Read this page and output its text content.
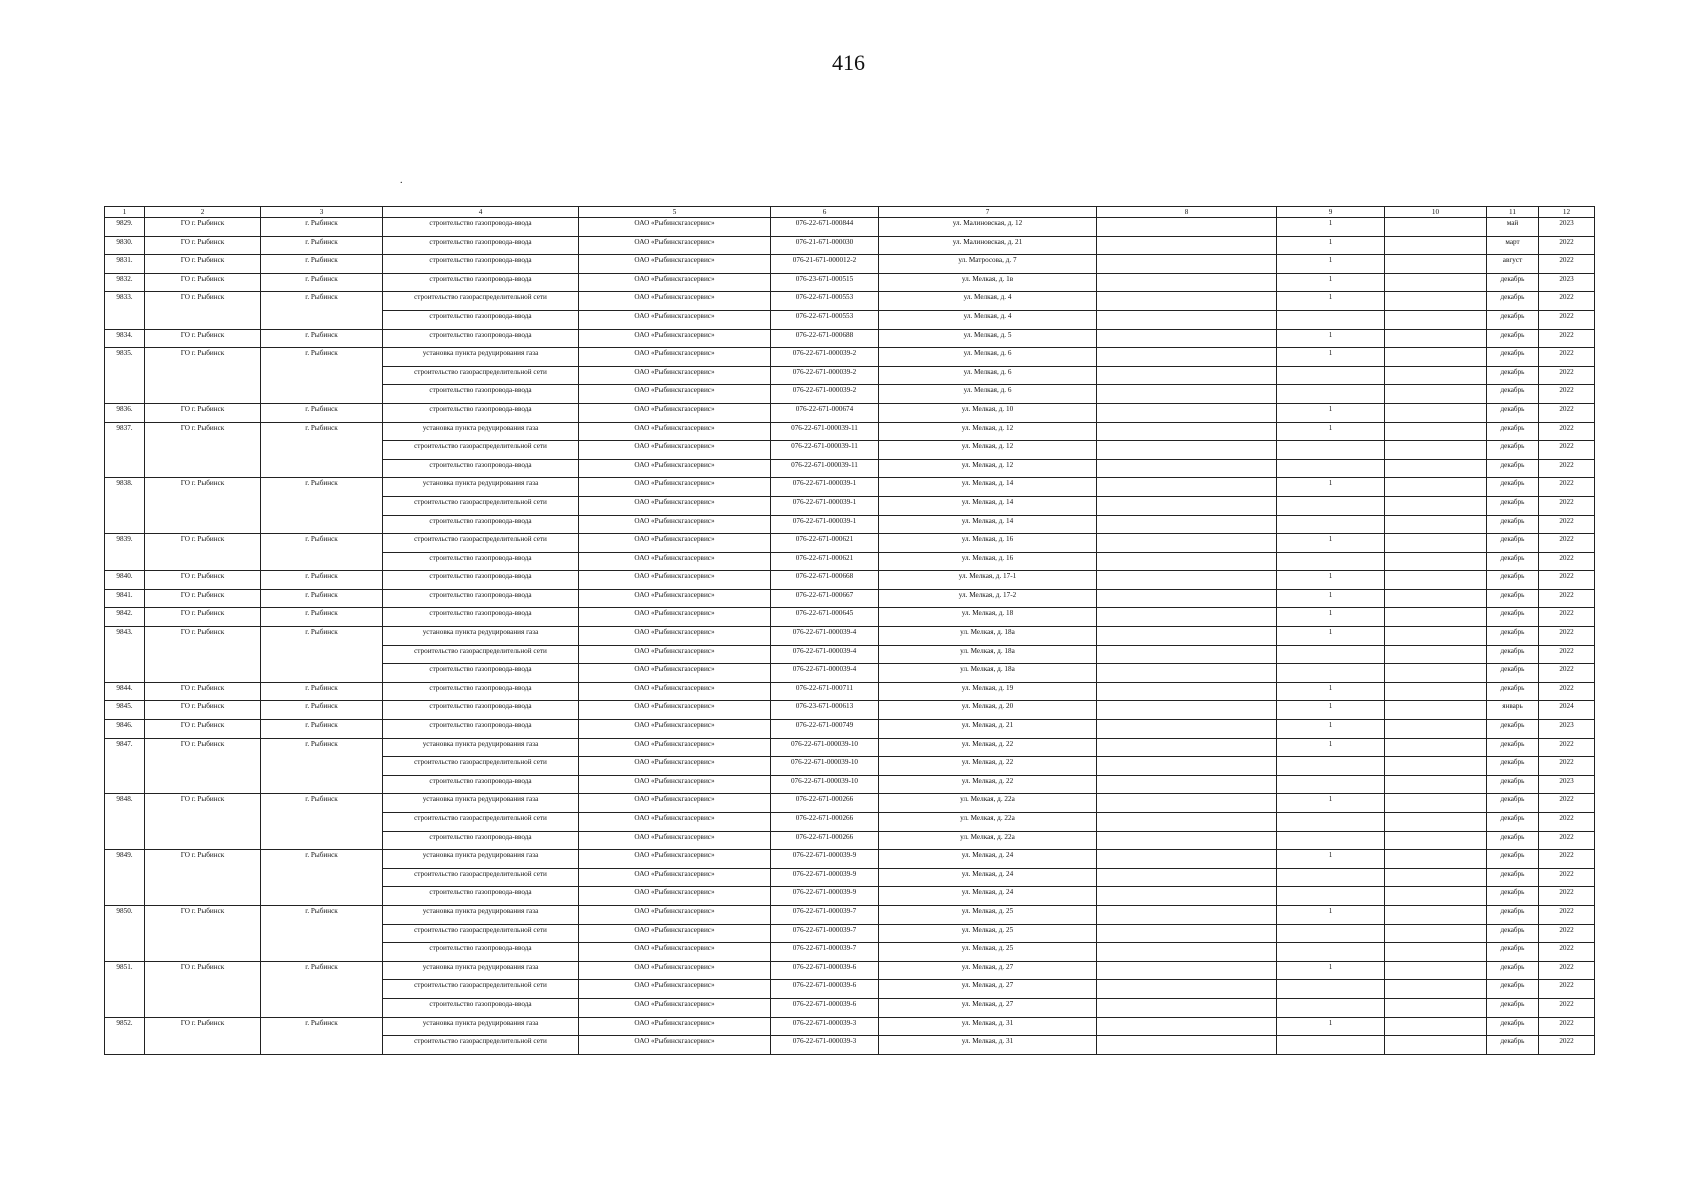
416
.
1	2	3	4	5	6	7	8	9	10	11	12
9829.	ГО г. Рыбинск	г. Рыбинск	строительство газопровода-ввода	ОАО «Рыбинскгазсервис»	076-22-671-000844	ул. Малиновская, д. 12		1		май	2023
9830.	ГО г. Рыбинск	г. Рыбинск	строительство газопровода-ввода	ОАО «Рыбинскгазсервис»	076-21-671-000030	ул. Малиновская, д. 21		1		март	2022
9831.	ГО г. Рыбинск	г. Рыбинск	строительство газопровода-ввода	ОАО «Рыбинскгазсервис»	076-21-671-000012-2	ул. Матросова, д. 7		1		август	2022
9832.	ГО г. Рыбинск	г. Рыбинск	строительство газопровода-ввода	ОАО «Рыбинскгазсервис»	076-23-671-000515	ул. Мелкая, д. 1в		1		декабрь	2023
9833.	ГО г. Рыбинск	г. Рыбинск	строительство газораспределительной сети	ОАО «Рыбинскгазсервис»	076-22-671-000553	ул. Мелкая, д. 4		1		декабрь	2022
			строительство газопровода-ввода	ОАО «Рыбинскгазсервис»	076-22-671-000553	ул. Мелкая, д. 4				декабрь	2022
9834.	ГО г. Рыбинск	г. Рыбинск	строительство газопровода-ввода	ОАО «Рыбинскгазсервис»	076-22-671-000688	ул. Мелкая, д. 5		1		декабрь	2022
9835.	ГО г. Рыбинск	г. Рыбинск	установка пункта редуцирования газа	ОАО «Рыбинскгазсервис»	076-22-671-000039-2	ул. Мелкая, д. 6		1		декабрь	2022
			строительство газораспределительной сети	ОАО «Рыбинскгазсервис»	076-22-671-000039-2	ул. Мелкая, д. 6				декабрь	2022
			строительство газопровода-ввода	ОАО «Рыбинскгазсервис»	076-22-671-000039-2	ул. Мелкая, д. 6				декабрь	2022
9836.	ГО г. Рыбинск	г. Рыбинск	строительство газопровода-ввода	ОАО «Рыбинскгазсервис»	076-22-671-000674	ул. Мелкая, д. 10		1		декабрь	2022
9837.	ГО г. Рыбинск	г. Рыбинск	установка пункта редуцирования газа	ОАО «Рыбинскгазсервис»	076-22-671-000039-11	ул. Мелкая, д. 12		1		декабрь	2022
			строительство газораспределительной сети	ОАО «Рыбинскгазсервис»	076-22-671-000039-11	ул. Мелкая, д. 12				декабрь	2022
			строительство газопровода-ввода	ОАО «Рыбинскгазсервис»	076-22-671-000039-11	ул. Мелкая, д. 12				декабрь	2022
9838.	ГО г. Рыбинск	г. Рыбинск	установка пункта редуцирования газа	ОАО «Рыбинскгазсервис»	076-22-671-000039-1	ул. Мелкая, д. 14		1		декабрь	2022
			строительство газораспределительной сети	ОАО «Рыбинскгазсервис»	076-22-671-000039-1	ул. Мелкая, д. 14				декабрь	2022
			строительство газопровода-ввода	ОАО «Рыбинскгазсервис»	076-22-671-000039-1	ул. Мелкая, д. 14				декабрь	2022
9839.	ГО г. Рыбинск	г. Рыбинск	строительство газораспределительной сети	ОАО «Рыбинскгазсервис»	076-22-671-000621	ул. Мелкая, д. 16		1		декабрь	2022
			строительство газопровода-ввода	ОАО «Рыбинскгазсервис»	076-22-671-000621	ул. Мелкая, д. 16				декабрь	2022
9840.	ГО г. Рыбинск	г. Рыбинск	строительство газопровода-ввода	ОАО «Рыбинскгазсервис»	076-22-671-000668	ул. Мелкая, д. 17-1		1		декабрь	2022
9841.	ГО г. Рыбинск	г. Рыбинск	строительство газопровода-ввода	ОАО «Рыбинскгазсервис»	076-22-671-000667	ул. Мелкая, д. 17-2		1		декабрь	2022
9842.	ГО г. Рыбинск	г. Рыбинск	строительство газопровода-ввода	ОАО «Рыбинскгазсервис»	076-22-671-000645	ул. Мелкая, д. 18		1		декабрь	2022
9843.	ГО г. Рыбинск	г. Рыбинск	установка пункта редуцирования газа	ОАО «Рыбинскгазсервис»	076-22-671-000039-4	ул. Мелкая, д. 18а		1		декабрь	2022
			строительство газораспределительной сети	ОАО «Рыбинскгазсервис»	076-22-671-000039-4	ул. Мелкая, д. 18а				декабрь	2022
			строительство газопровода-ввода	ОАО «Рыбинскгазсервис»	076-22-671-000039-4	ул. Мелкая, д. 18а				декабрь	2022
9844.	ГО г. Рыбинск	г. Рыбинск	строительство газопровода-ввода	ОАО «Рыбинскгазсервис»	076-22-671-000711	ул. Мелкая, д. 19		1		декабрь	2022
9845.	ГО г. Рыбинск	г. Рыбинск	строительство газопровода-ввода	ОАО «Рыбинскгазсервис»	076-23-671-000613	ул. Мелкая, д. 20		1		январь	2024
9846.	ГО г. Рыбинск	г. Рыбинск	строительство газопровода-ввода	ОАО «Рыбинскгазсервис»	076-22-671-000749	ул. Мелкая, д. 21		1		декабрь	2023
9847.	ГО г. Рыбинск	г. Рыбинск	установка пункта редуцирования газа	ОАО «Рыбинскгазсервис»	076-22-671-000039-10	ул. Мелкая, д. 22		1		декабрь	2022
			строительство газораспределительной сети	ОАО «Рыбинскгазсервис»	076-22-671-000039-10	ул. Мелкая, д. 22				декабрь	2022
			строительство газопровода-ввода	ОАО «Рыбинскгазсервис»	076-22-671-000039-10	ул. Мелкая, д. 22				декабрь	2023
9848.	ГО г. Рыбинск	г. Рыбинск	установка пункта редуцирования газа	ОАО «Рыбинскгазсервис»	076-22-671-000266	ул. Мелкая, д. 22а		1		декабрь	2022
			строительство газораспределительной сети	ОАО «Рыбинскгазсервис»	076-22-671-000266	ул. Мелкая, д. 22а				декабрь	2022
			строительство газопровода-ввода	ОАО «Рыбинскгазсервис»	076-22-671-000266	ул. Мелкая, д. 22а				декабрь	2022
9849.	ГО г. Рыбинск	г. Рыбинск	установка пункта редуцирования газа	ОАО «Рыбинскгазсервис»	076-22-671-000039-9	ул. Мелкая, д. 24		1		декабрь	2022
			строительство газораспределительной сети	ОАО «Рыбинскгазсервис»	076-22-671-000039-9	ул. Мелкая, д. 24				декабрь	2022
			строительство газопровода-ввода	ОАО «Рыбинскгазсервис»	076-22-671-000039-9	ул. Мелкая, д. 24				декабрь	2022
9850.	ГО г. Рыбинск	г. Рыбинск	установка пункта редуцирования газа	ОАО «Рыбинскгазсервис»	076-22-671-000039-7	ул. Мелкая, д. 25		1		декабрь	2022
			строительство газораспределительной сети	ОАО «Рыбинскгазсервис»	076-22-671-000039-7	ул. Мелкая, д. 25				декабрь	2022
			строительство газопровода-ввода	ОАО «Рыбинскгазсервис»	076-22-671-000039-7	ул. Мелкая, д. 25				декабрь	2022
9851.	ГО г. Рыбинск	г. Рыбинск	установка пункта редуцирования газа	ОАО «Рыбинскгазсервис»	076-22-671-000039-6	ул. Мелкая, д. 27		1		декабрь	2022
			строительство газораспределительной сети	ОАО «Рыбинскгазсервис»	076-22-671-000039-6	ул. Мелкая, д. 27				декабрь	2022
			строительство газопровода-ввода	ОАО «Рыбинскгазсервис»	076-22-671-000039-6	ул. Мелкая, д. 27				декабрь	2022
9852.	ГО г. Рыбинск	г. Рыбинск	установка пункта редуцирования газа	ОАО «Рыбинскгазсервис»	076-22-671-000039-3	ул. Мелкая, д. 31		1		декабрь	2022
			строительство газораспределительной сети	ОАО «Рыбинскгазсервис»	076-22-671-000039-3	ул. Мелкая, д. 31				декабрь	2022
